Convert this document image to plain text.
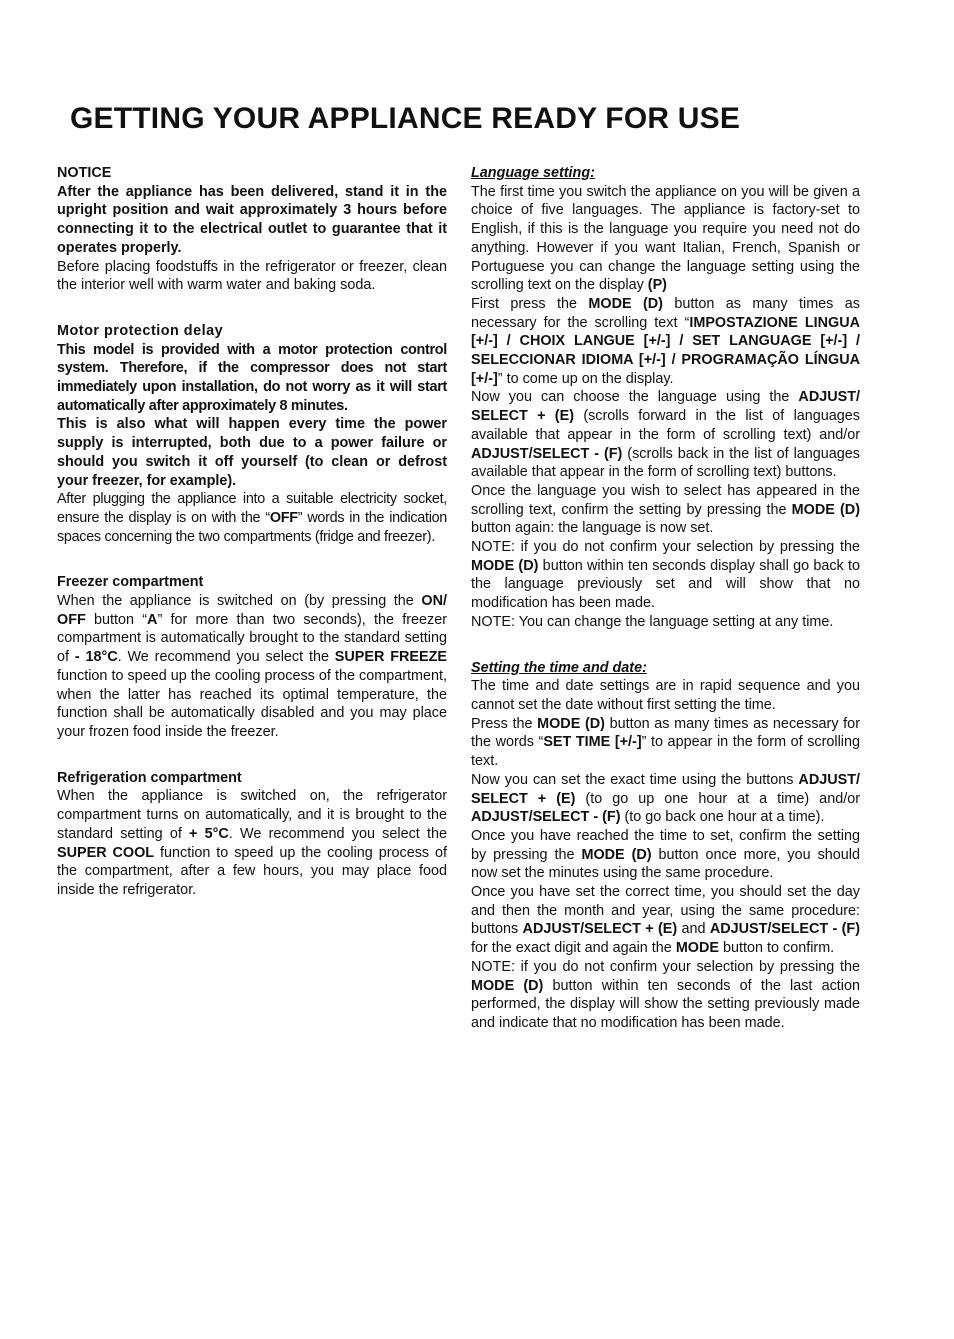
GETTING YOUR APPLIANCE READY FOR USE

NOTICE

After the appliance has been delivered, stand it in the upright position and wait approximately 3 hours before connecting it to the electrical outlet to guarantee that it operates properly.

Before placing foodstuffs in the refrigerator or freezer, clean the interior well with warm water and baking soda.

Motor protection delay

This model is provided with a motor protection control system. Therefore, if the compressor does not start immediately upon installation, do not worry as it will start automatically after approximately 8 minutes.

This is also what will happen every time the power supply is interrupted, both due to a power failure or should you switch it off yourself (to clean or defrost your freezer, for example).

After plugging the appliance into a suitable electricity socket, ensure the display is on with the “OFF” words in the indication spaces concerning the two compartments (fridge and freezer).

Freezer compartment

When the appliance is switched on (by pressing the ON/ OFF button “A” for more than two seconds), the freezer compartment is automatically brought to the standard setting of - 18°C. We recommend you select the SUPER FREEZE function to speed up the cooling process of the compartment, when the latter has reached its optimal temperature, the function shall be automatically disabled and you may place your frozen food inside the freezer.

Refrigeration compartment

When the appliance is switched on, the refrigerator compartment turns on automatically, and it is brought to the standard setting of + 5°C. We recommend you select the SUPER COOL function to speed up the cooling process of the compartment, after a few hours, you may place food inside the refrigerator.

Language setting:

The first time you switch the appliance on you will be given a choice of five languages. The appliance is factory-set to English, if this is the language you require you need not do anything. However if you want Italian, French, Spanish or Portuguese you can change the language setting using the scrolling text on the display (P)

First press the MODE (D) button as many times as necessary for the scrolling text “IMPOSTAZIONE LINGUA [+/-] / CHOIX LANGUE [+/-] / SET LANGUAGE [+/-] / SELECCIONAR IDIOMA [+/-] / PROGRAMAÇÃO LÍNGUA [+/-]” to come up on the display.

Now you can choose the language using the ADJUST/ SELECT + (E) (scrolls forward in the list of languages available that appear in the form of scrolling text) and/or ADJUST/SELECT - (F) (scrolls back in the list of languages available that appear in the form of scrolling text) buttons.

Once the language you wish to select has appeared in the scrolling text, confirm the setting by pressing the MODE (D) button again: the language is now set.

NOTE: if you do not confirm your selection by pressing the MODE (D) button within ten seconds display shall go back to the language previously set and will show that no modification has been made.

NOTE: You can change the language setting at any time.

Setting the time and date:

The time and date settings are in rapid sequence and you cannot set the date without first setting the time.

Press the MODE (D) button as many times as necessary for the words “SET TIME [+/-]” to appear in the form of scrolling text.

Now you can set the exact time using the buttons ADJUST/ SELECT + (E) (to go up one hour at a time) and/or ADJUST/SELECT - (F) (to go back one hour at a time).

Once you have reached the time to set, confirm the setting by pressing the MODE (D) button once more, you should now set the minutes using the same procedure.

Once you have set the correct time, you should set the day and then the month and year, using the same procedure: buttons ADJUST/SELECT + (E) and ADJUST/SELECT - (F) for the exact digit and again the MODE button to confirm.

NOTE: if you do not confirm your selection by pressing the MODE (D) button within ten seconds of the last action performed, the display will show the setting previously made and indicate that no modification has been made.
